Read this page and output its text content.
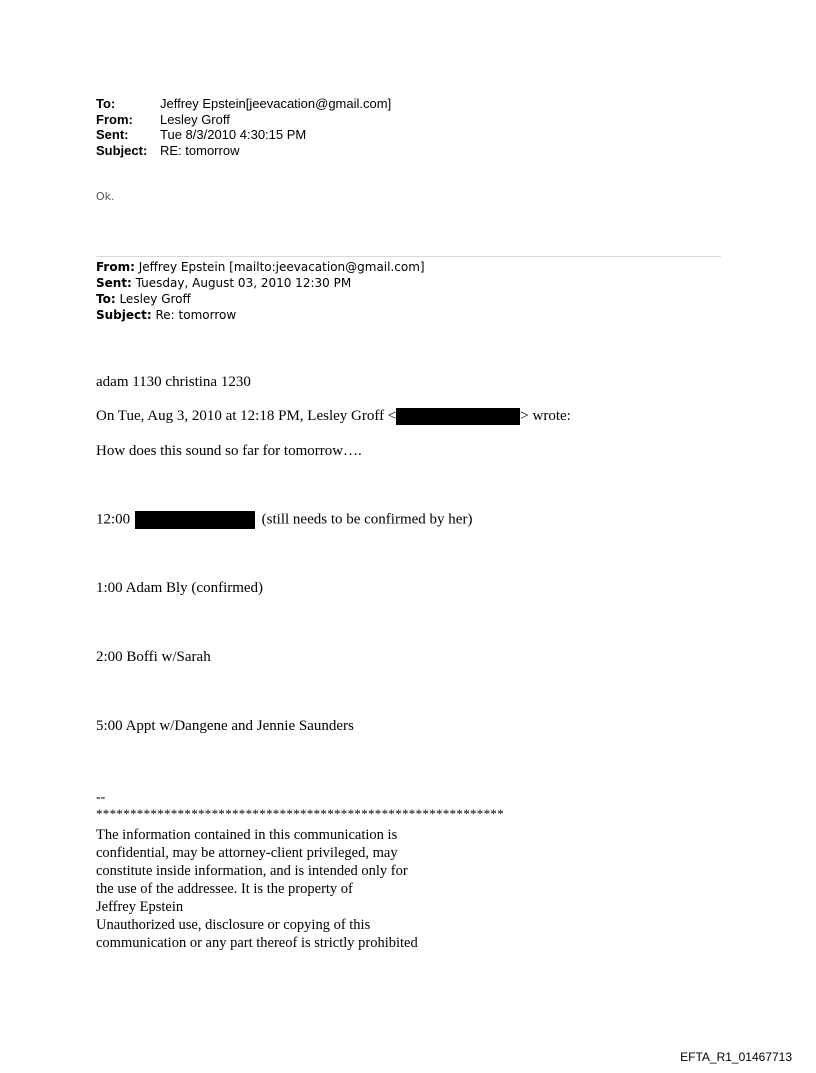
To:	Jeffrey Epstein[jeevacation@gmail.com]
From:	Lesley Groff
Sent:	Tue 8/3/2010 4:30:15 PM
Subject: RE: tomorrow
Ok.
From: Jeffrey Epstein [mailto:jeevacation@gmail.com]
Sent: Tuesday, August 03, 2010 12:30 PM
To: Lesley Groff
Subject: Re: tomorrow
adam 1130 christina 1230
On Tue, Aug 3, 2010 at 12:18 PM, Lesley Groff <	> wrote:
How does this sound so far for tomorrow….
12:00	(still needs to be confirmed by her)
1:00 Adam Bly (confirmed)
2:00 Boffi w/Sarah
5:00 Appt w/Dangene and Jennie Saunders
--
************************************************************
The information contained in this communication is
confidential, may be attorney-client privileged, may
constitute inside information, and is intended only for
the use of the addressee. It is the property of
Jeffrey Epstein
Unauthorized use, disclosure or copying of this
communication or any part thereof is strictly prohibited
EFTA_R1_01467713
